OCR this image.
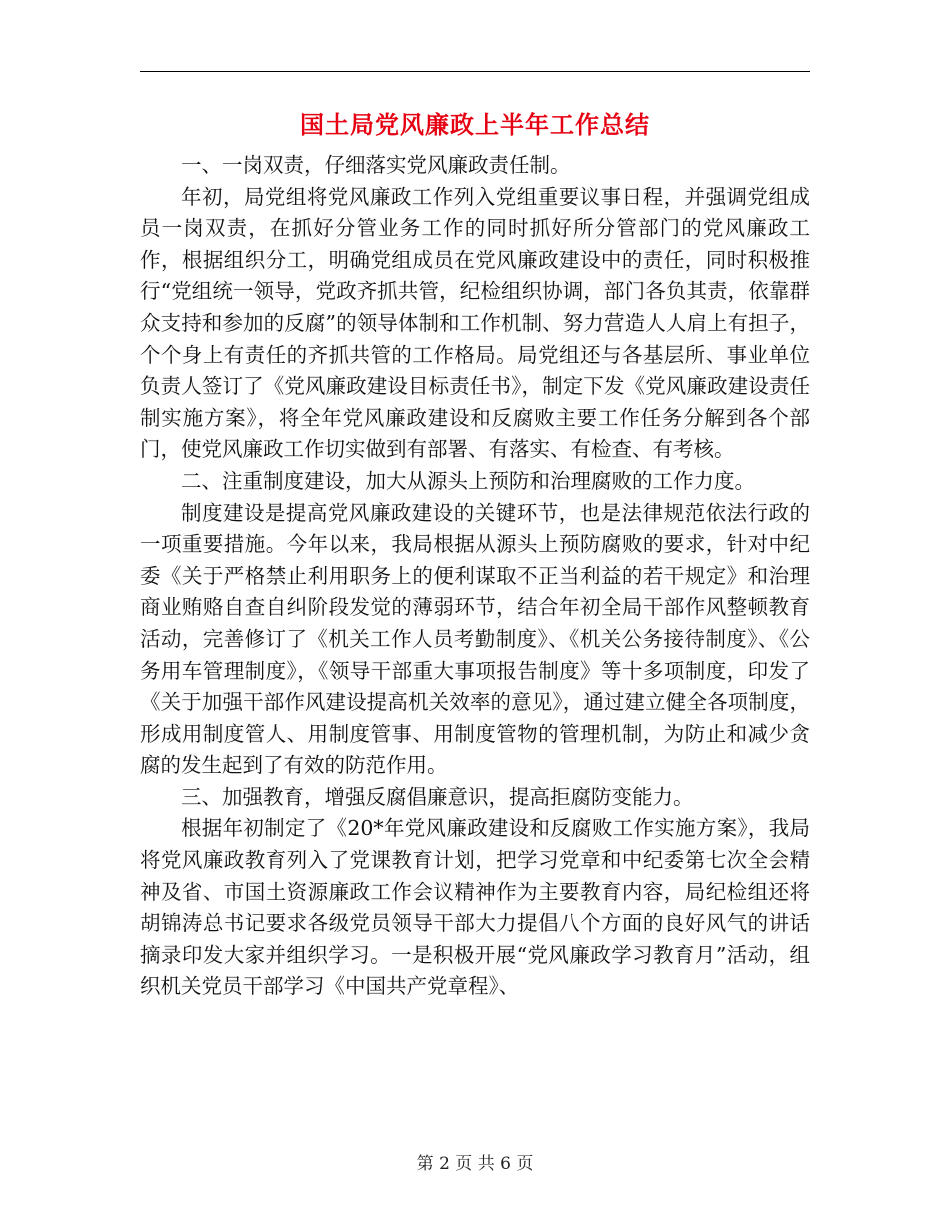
国土局党风廉政上半年工作总结

一、一岗双责，仔细落实党风廉政责任制。

年初，局党组将党风廉政工作列入党组重要议事日程，并强调党组成员一岗双责，在抓好分管业务工作的同时抓好所分管部门的党风廉政工作，根据组织分工，明确党组成员在党风廉政建设中的责任，同时积极推行“党组统一领导，党政齐抓共管，纪检组织协调，部门各负其责，依靠群众支持和参加的反腐”的领导体制和工作机制、努力营造人人肩上有担子，个个身上有责任的齐抓共管的工作格局。局党组还与各基层所、事业单位负责人签订了《党风廉政建设目标责任书》，制定下发《党风廉政建设责任制实施方案》，将全年党风廉政建设和反腐败主要工作任务分解到各个部门，使党风廉政工作切实做到有部署、有落实、有检查、有考核。

二、注重制度建设，加大从源头上预防和治理腐败的工作力度。

制度建设是提高党风廉政建设的关键环节，也是法律规范依法行政的一项重要措施。今年以来，我局根据从源头上预防腐败的要求，针对中纪委《关于严格禁止利用职务上的便利谋取不正当利益的若干规定》和治理商业贿赂自查自纠阶段发觉的薄弱环节，结合年初全局干部作风整顿教育活动，完善修订了《机关工作人员考勤制度》、《机关公务接待制度》、《公务用车管理制度》，《领导干部重大事项报告制度》等十多项制度，印发了《关于加强干部作风建设提高机关效率的意见》，通过建立健全各项制度，形成用制度管人、用制度管事、用制度管物的管理机制，为防止和减少贪腐的发生起到了有效的防范作用。

三、加强教育，增强反腐倡廉意识，提高拒腐防变能力。

根据年初制定了《20*年党风廉政建设和反腐败工作实施方案》，我局将党风廉政教育列入了党课教育计划，把学习党章和中纪委第七次全会精神及省、市国土资源廉政工作会议精神作为主要教育内容，局纪检组还将胡锦涛总书记要求各级党员领导干部大力提倡八个方面的良好风气的讲话摘录印发大家并组织学习。一是积极开展“党风廉政学习教育月”活动，组织机关党员干部学习《中国共产党章程》、

第 2 页 共 6 页
